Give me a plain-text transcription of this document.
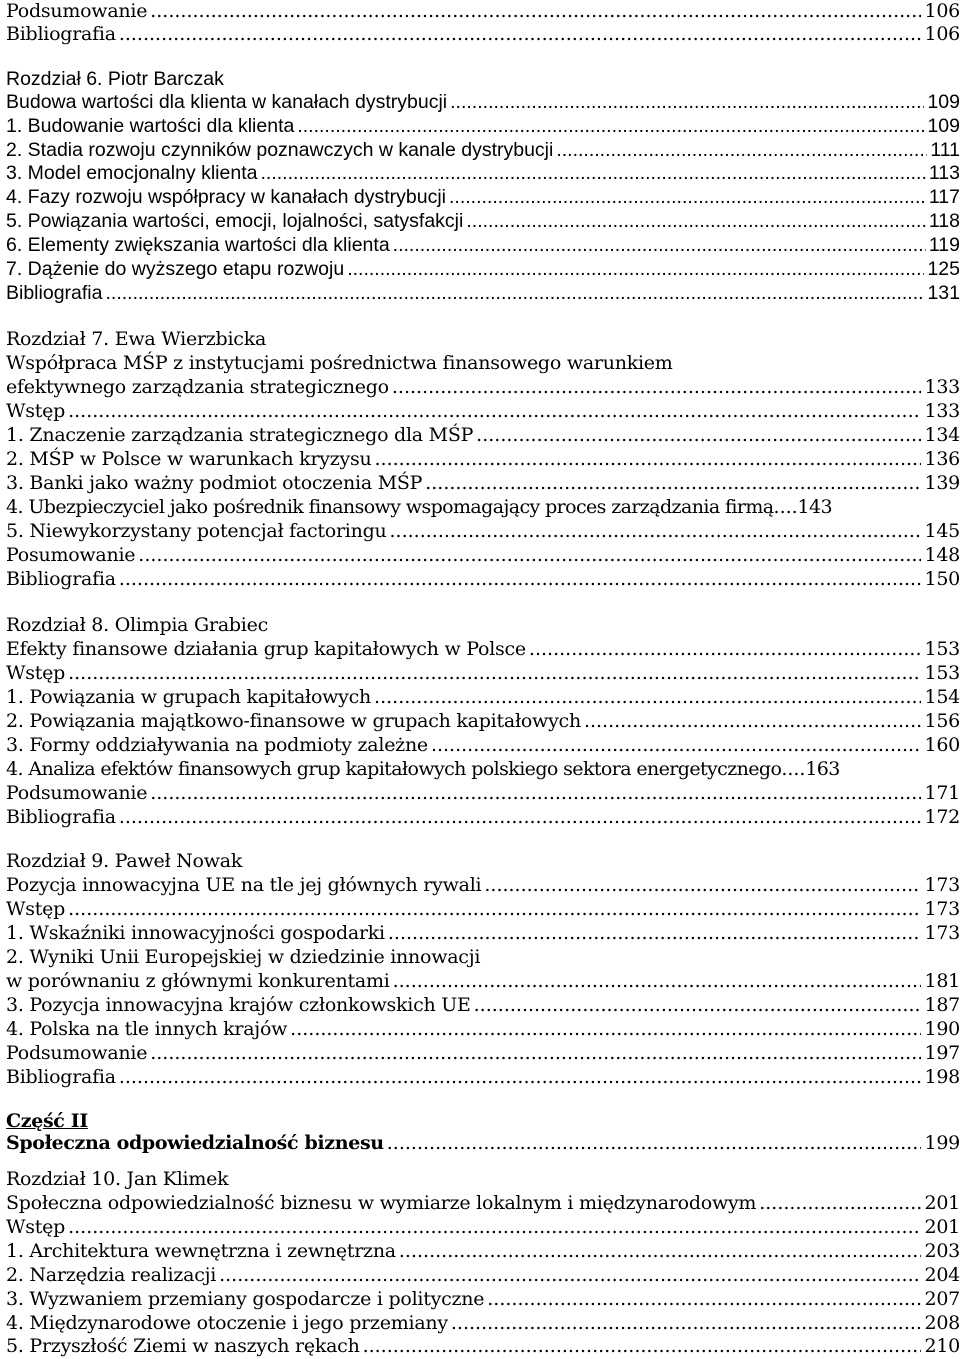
Podsumowanie .....	106
Bibliografia .....	106
Rozdział 6. Piotr Barczak
Budowa wartości dla klienta w kanałach dystrybucji .....	109
1. Budowanie wartości dla klienta .....	109
2. Stadia rozwoju czynników poznawczych w kanale dystrybucji .....	111
3. Model emocjonalny klienta .....	113
4. Fazy rozwoju współpracy w kanałach dystrybucji .....	117
5. Powiązania wartości, emocji, lojalności, satysfakcji .....	118
6. Elementy zwiększania wartości dla klienta .....	119
7. Dążenie do wyższego etapu rozwoju .....	125
Bibliografia .....	131
Rozdział 7. Ewa Wierzbicka
Współpraca MŚP z instytucjami pośrednictwa finansowego warunkiem
efektywnego zarządzania strategicznego .....	133
Wstęp .....	133
1. Znaczenie zarządzania strategicznego dla MŚP .....	134
2. MŚP w Polsce w warunkach kryzysu .....	136
3. Banki jako ważny podmiot otoczenia MŚP .....	139
4. Ubezpieczyciel jako pośrednik finansowy wspomagający proces zarządzania firmą ..... 143
5. Niewykorzystany potencjał factoringu .....	145
Posumowanie .....	148
Bibliografia .....	150
Rozdział 8. Olimpia Grabiec
Efekty finansowe działania grup kapitałowych w Polsce .....	153
Wstęp .....	153
1. Powiązania w grupach kapitałowych .....	154
2. Powiązania majątkowo-finansowe w grupach kapitałowych .....	156
3. Formy oddziaływania na podmioty zależne .....	160
4. Analiza efektów finansowych grup kapitałowych polskiego sektora energetycznego ..... 163
Podsumowanie .....	171
Bibliografia .....	172
Rozdział 9. Paweł Nowak
Pozycja innowacyjna UE na tle jej głównych rywali .....	173
Wstęp .....	173
1. Wskaźniki innowacyjności gospodarki .....	173
2. Wyniki Unii Europejskiej w dziedzinie innowacji
w porównaniu z głównymi konkurentami .....	181
3. Pozycja innowacyjna krajów członkowskich UE .....	187
4. Polska na tle innych krajów .....	190
Podsumowanie .....	197
Bibliografia .....	198
Część II
Społeczna odpowiedzialność biznesu .....	199
Rozdział 10. Jan Klimek
Społeczna odpowiedzialność biznesu w wymiarze lokalnym i międzynarodowym .....	201
Wstęp .....	201
1. Architektura wewnętrzna i zewnętrzna .....	203
2. Narzędzia realizacji .....	204
3. Wyzwaniem przemiany gospodarcze i polityczne .....	207
4. Międzynarodowe otoczenie i jego przemiany .....	208
5. Przyszłość Ziemi w naszych rękach .....	210
